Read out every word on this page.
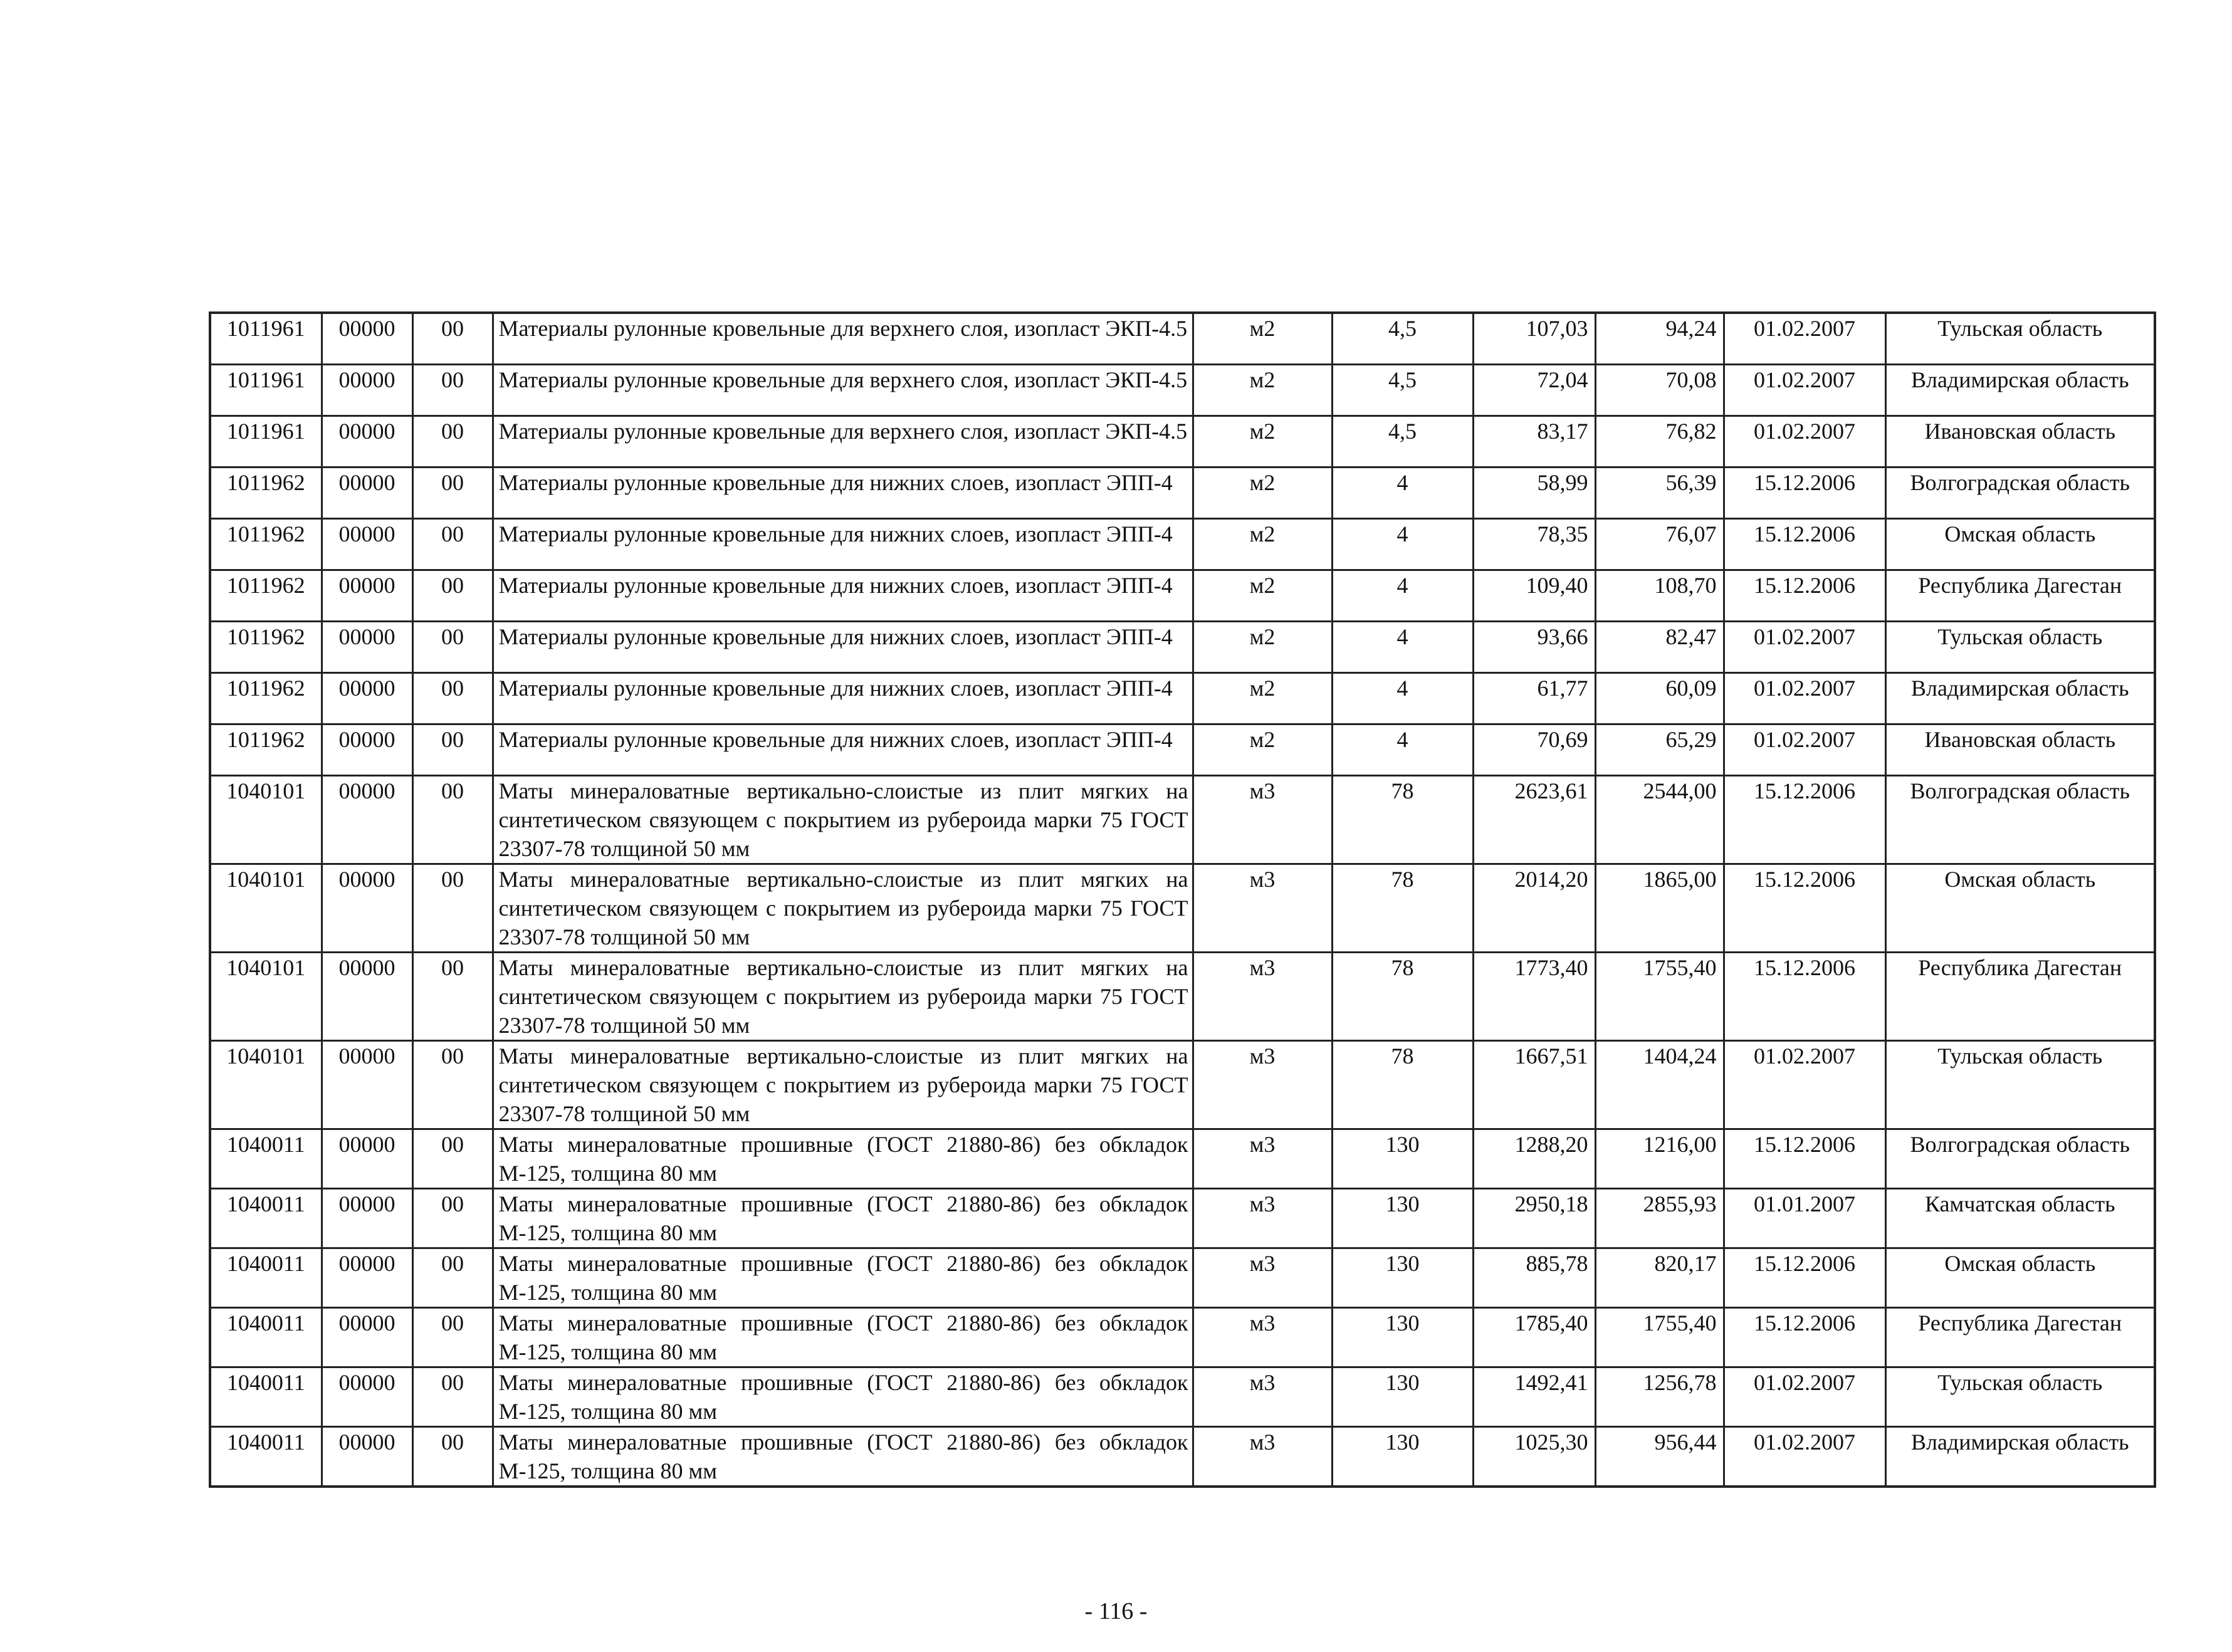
1011961	00000	00	Материалы рулонные кровельные для верхнего слоя, изопласт ЭКП-4.5	м2	4,5	107,03	94,24	01.02.2007	Тульская область
1011961	00000	00	Материалы рулонные кровельные для верхнего слоя, изопласт ЭКП-4.5	м2	4,5	72,04	70,08	01.02.2007	Владимирская область
1011961	00000	00	Материалы рулонные кровельные для верхнего слоя, изопласт ЭКП-4.5	м2	4,5	83,17	76,82	01.02.2007	Ивановская область
1011962	00000	00	Материалы рулонные кровельные для нижних слоев, изопласт ЭПП-4	м2	4	58,99	56,39	15.12.2006	Волгоградская область
1011962	00000	00	Материалы рулонные кровельные для нижних слоев, изопласт ЭПП-4	м2	4	78,35	76,07	15.12.2006	Омская область
1011962	00000	00	Материалы рулонные кровельные для нижних слоев, изопласт ЭПП-4	м2	4	109,40	108,70	15.12.2006	Республика Дагестан
1011962	00000	00	Материалы рулонные кровельные для нижних слоев, изопласт ЭПП-4	м2	4	93,66	82,47	01.02.2007	Тульская область
1011962	00000	00	Материалы рулонные кровельные для нижних слоев, изопласт ЭПП-4	м2	4	61,77	60,09	01.02.2007	Владимирская область
1011962	00000	00	Материалы рулонные кровельные для нижних слоев, изопласт ЭПП-4	м2	4	70,69	65,29	01.02.2007	Ивановская область
1040101	00000	00	Маты минераловатные вертикально-слоистые из плит мягких на синтетическом связующем с покрытием из рубероида марки 75 ГОСТ 23307-78 толщиной 50 мм	м3	78	2623,61	2544,00	15.12.2006	Волгоградская область
1040101	00000	00	Маты минераловатные вертикально-слоистые из плит мягких на синтетическом связующем с покрытием из рубероида марки 75 ГОСТ 23307-78 толщиной 50 мм	м3	78	2014,20	1865,00	15.12.2006	Омская область
1040101	00000	00	Маты минераловатные вертикально-слоистые из плит мягких на синтетическом связующем с покрытием из рубероида марки 75 ГОСТ 23307-78 толщиной 50 мм	м3	78	1773,40	1755,40	15.12.2006	Республика Дагестан
1040101	00000	00	Маты минераловатные вертикально-слоистые из плит мягких на синтетическом связующем с покрытием из рубероида марки 75 ГОСТ 23307-78 толщиной 50 мм	м3	78	1667,51	1404,24	01.02.2007	Тульская область
1040011	00000	00	Маты минераловатные прошивные (ГОСТ 21880-86) без обкладок М-125, толщина 80 мм	м3	130	1288,20	1216,00	15.12.2006	Волгоградская область
1040011	00000	00	Маты минераловатные прошивные (ГОСТ 21880-86) без обкладок М-125, толщина 80 мм	м3	130	2950,18	2855,93	01.01.2007	Камчатская область
1040011	00000	00	Маты минераловатные прошивные (ГОСТ 21880-86) без обкладок М-125, толщина 80 мм	м3	130	885,78	820,17	15.12.2006	Омская область
1040011	00000	00	Маты минераловатные прошивные (ГОСТ 21880-86) без обкладок М-125, толщина 80 мм	м3	130	1785,40	1755,40	15.12.2006	Республика Дагестан
1040011	00000	00	Маты минераловатные прошивные (ГОСТ 21880-86) без обкладок М-125, толщина 80 мм	м3	130	1492,41	1256,78	01.02.2007	Тульская область
1040011	00000	00	Маты минераловатные прошивные (ГОСТ 21880-86) без обкладок М-125, толщина 80 мм	м3	130	1025,30	956,44	01.02.2007	Владимирская область
- 116 -
